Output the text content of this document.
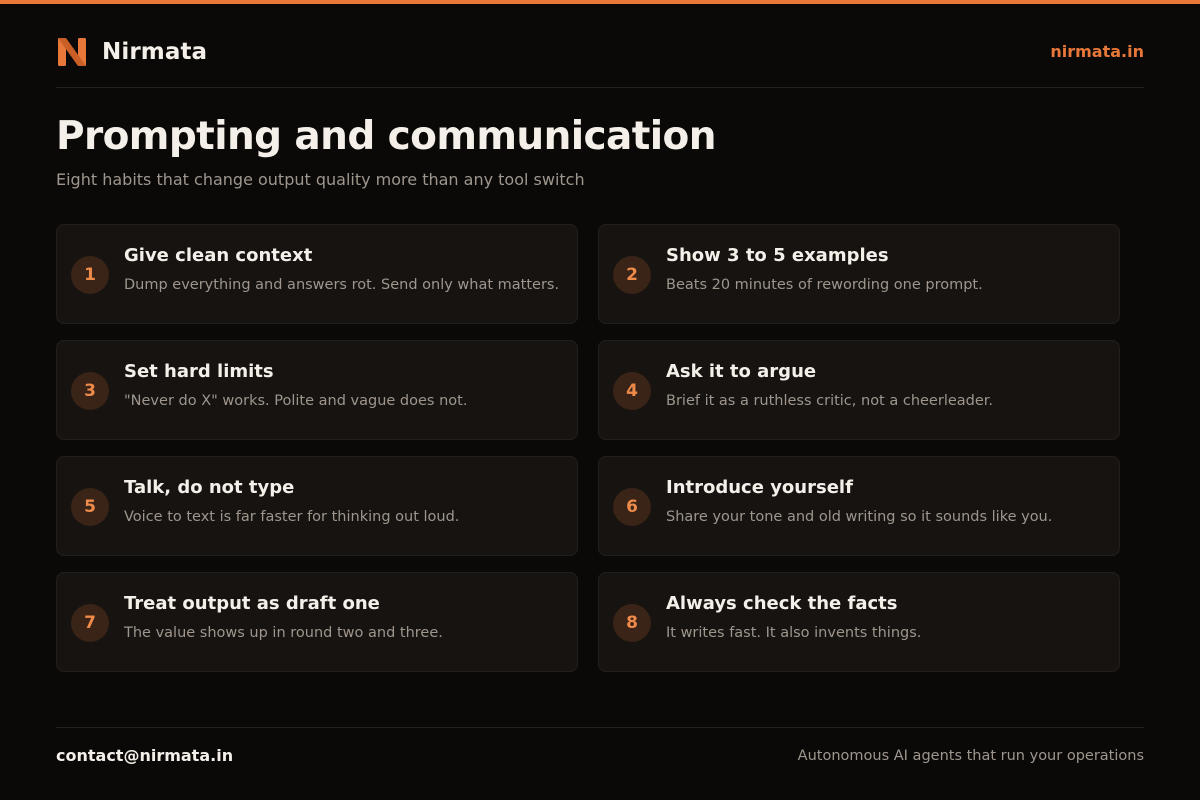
Nirmata	nirmata.in
Prompting and communication

Eight habits that change output quality more than any tool switch

1
Give clean context
Dump everything and answers rot. Send only what matters.	2
Show 3 to 5 examples
Beats 20 minutes of rewording one prompt.
3
Set hard limits
"Never do X" works. Polite and vague does not.	4
Ask it to argue
Brief it as a ruthless critic, not a cheerleader.
5
Talk, do not type
Voice to text is far faster for thinking out loud.	6
Introduce yourself
Share your tone and old writing so it sounds like you.
7
Treat output as draft one
The value shows up in round two and three.	8
Always check the facts
It writes fast. It also invents things.
contact@nirmata.in	Autonomous AI agents that run your operations
